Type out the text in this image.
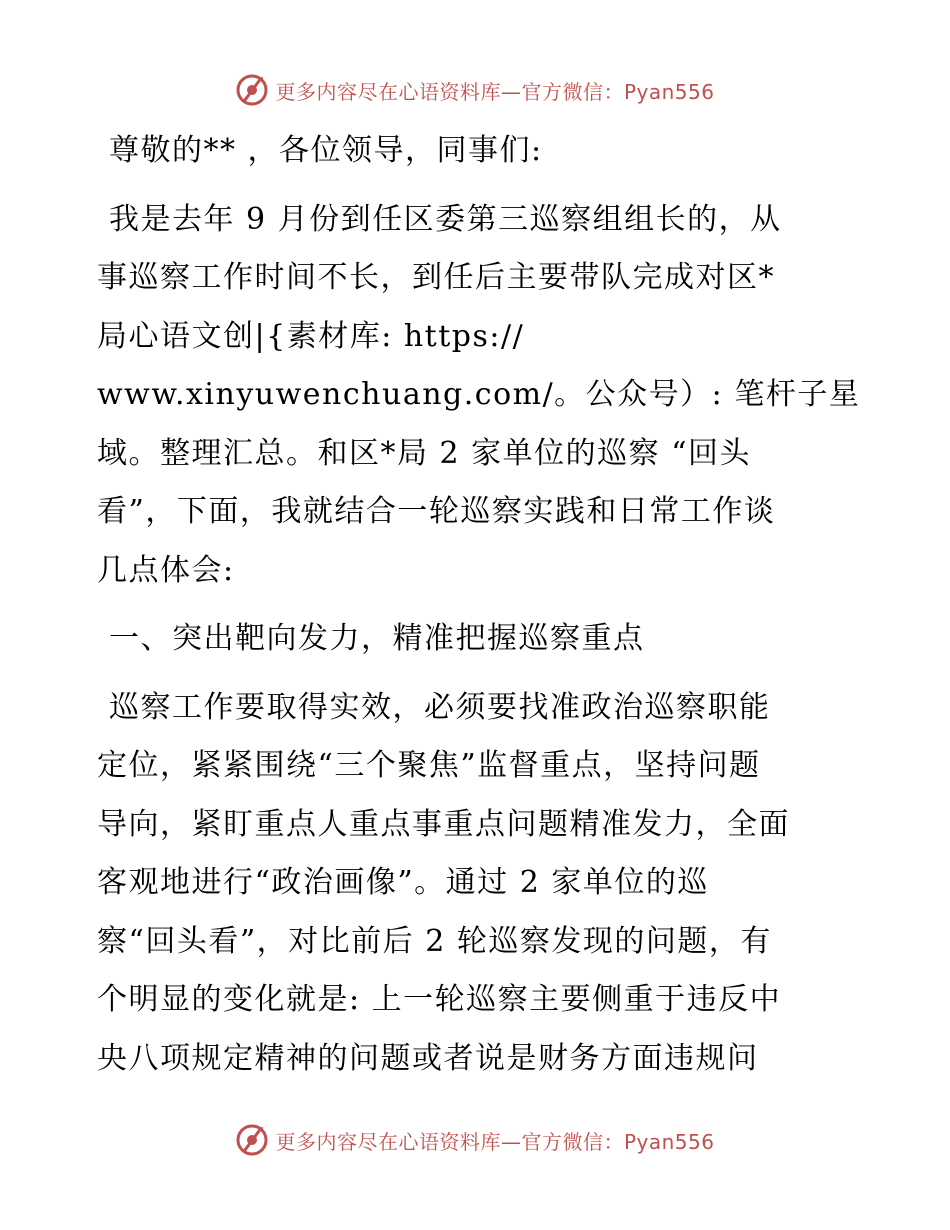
更多内容尽在心语资料库—官方微信：Pyan556
尊敬的** ，各位领导，同事们:
我是去年 9 月份到任区委第三巡察组组长的，从
事巡察工作时间不长，到任后主要带队完成对区*
局心语文创|{素材库: https://
www.xinyuwenchuang.com/。公众号）: 笔杆子星
域。整理汇总。和区*局 2 家单位的巡察 “回头
看”，下面，我就结合一轮巡察实践和日常工作谈
几点体会:
一、突出靶向发力，精准把握巡察重点
巡察工作要取得实效，必须要找准政治巡察职能
定位，紧紧围绕“三个聚焦”监督重点，坚持问题
导向，紧盯重点人重点事重点问题精准发力，全面
客观地进行“政治画像”。通过 2 家单位的巡
察“回头看”，对比前后 2 轮巡察发现的问题，有
个明显的变化就是: 上一轮巡察主要侧重于违反中
央八项规定精神的问题或者说是财务方面违规问
更多内容尽在心语资料库—官方微信：Pyan556
